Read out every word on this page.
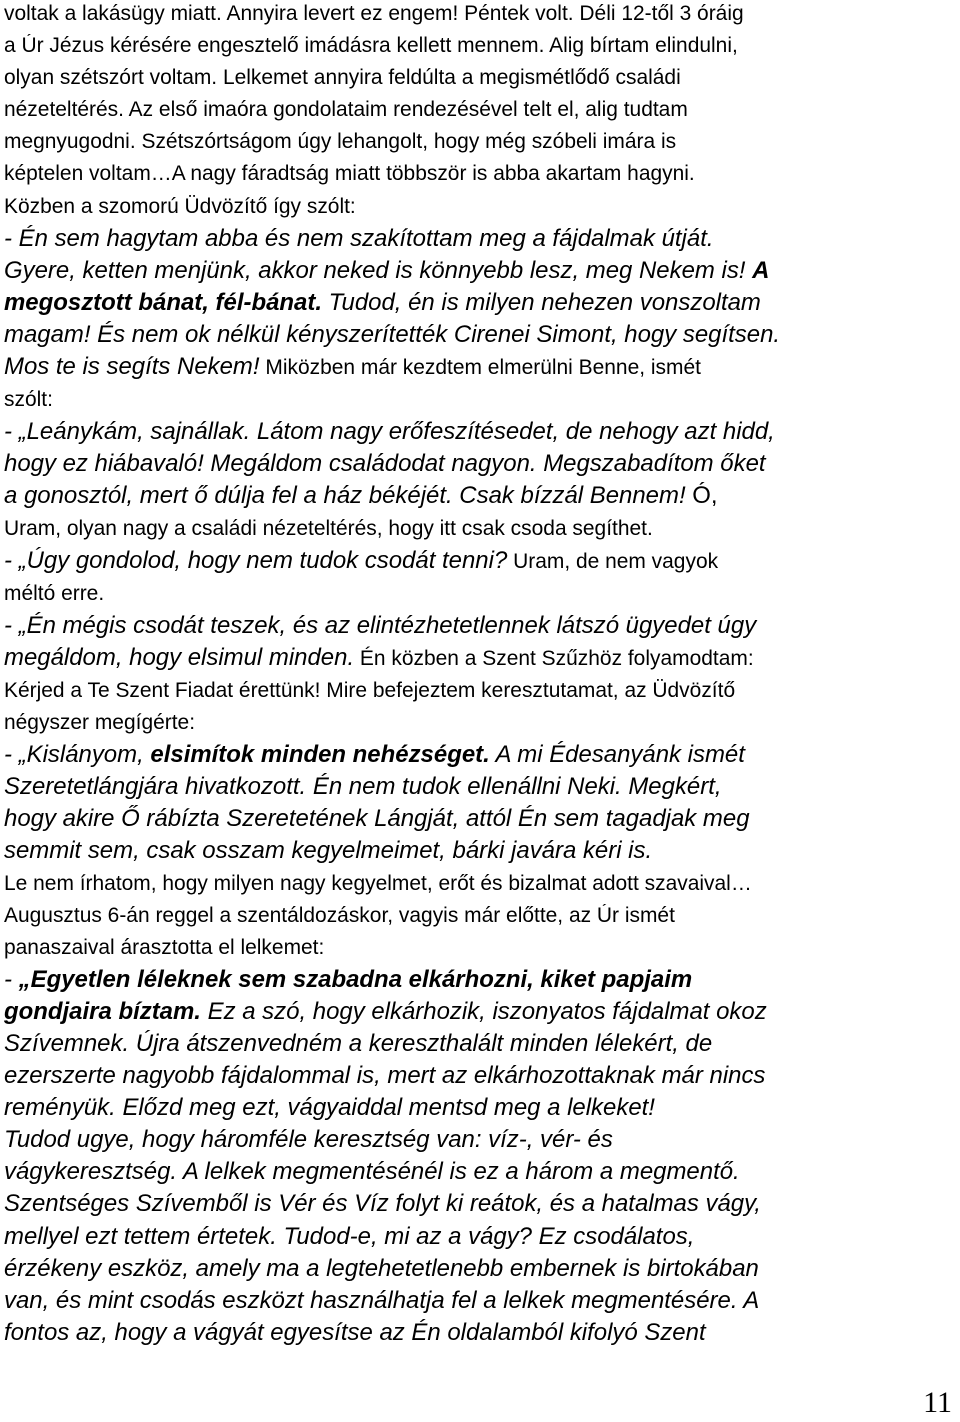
voltak a lakásügy miatt. Annyira levert ez engem! Péntek volt. Déli 12-től 3 óráig
a Úr Jézus kérésére engesztelő imádásra kellett mennem. Alig bírtam elindulni,
olyan szétszórt voltam. Lelkemet annyira feldúlta a megismétlődő családi
nézeteltérés. Az első imaóra gondolataim rendezésével telt el, alig tudtam
megnyugodni. Szétszórtságom úgy lehangolt, hogy még szóbeli imára is
képtelen voltam…A nagy fáradtság miatt többször is abba akartam hagyni.
Közben a szomorú Üdvözítő így szólt:
- Én sem hagytam abba és nem szakítottam meg a fájdalmak útját.
Gyere, ketten menjünk, akkor neked is könnyebb lesz, meg Nekem is! A
megosztott bánat, fél-bánat. Tudod, én is milyen nehezen vonszoltam
magam! És nem ok nélkül kényszerítették Cirenei Simont, hogy segítsen.
Mos te is segíts Nekem! Miközben már kezdtem elmerülni Benne, ismét
szólt:
- „Leánykám, sajnállak. Látom nagy erőfeszítésedet, de nehogy azt hidd,
hogy ez hiábavaló! Megáldom családodat nagyon. Megszabadítom őket
a gonosztól, mert ő dúlja fel a ház békéjét. Csak bízzál Bennem! Ó,
Uram, olyan nagy a családi nézeteltérés, hogy itt csak csoda segíthet.
- „Úgy gondolod, hogy nem tudok csodát tenni? Uram, de nem vagyok
méltó erre.
- „Én mégis csodát teszek, és az elintézhetetlennek látszó ügyedet úgy
megáldom, hogy elsimul minden. Én közben a Szent Szűzhöz folyamodtam:
Kérjed a Te Szent Fiadat érettünk! Mire befejeztem keresztutamat, az Üdvözítő
négyszer megígérte:
- „Kislányom, elsimítok minden nehézséget. A mi Édesanyánk ismét
Szeretetlángjára hivatkozott. Én nem tudok ellenállni Neki. Megkért,
hogy akire Ő rábízta Szeretetének Lángját, attól Én sem tagadjak meg
semmit sem, csak osszam kegyelmeimet, bárki javára kéri is.
Le nem írhatom, hogy milyen nagy kegyelmet, erőt és bizalmat adott szavaival…
Augusztus 6-án reggel a szentáldozáskor, vagyis már előtte, az Úr ismét
panaszaival árasztotta el lelkemet:
- „Egyetlen léleknek sem szabadna elkárhozni, kiket papjaim
gondjaira bíztam. Ez a szó, hogy elkárhozik, iszonyatos fájdalmat okoz
Szívemnek. Újra átszenvedném a kereszthalált minden lélekért, de
ezerszerte nagyobb fájdalommal is, mert az elkárhozottaknak már nincs
reményük. Előzd meg ezt, vágyaiddal mentsd meg a lelkeket!
Tudod ugye, hogy háromféle keresztség van: víz-, vér- és
vágykeresztség. A lelkek megmentésénél is ez a három a megmentő.
Szentséges Szívemből is Vér és Víz folyt ki reátok, és a hatalmas vágy,
mellyel ezt tettem értetek. Tudod-e, mi az a vágy? Ez csodálatos,
érzékeny eszköz, amely ma a legtehetetlenebb embernek is birtokában
van, és mint csodás eszközt használhatja fel a lelkek megmentésére. A
fontos az, hogy a vágyát egyesítse az Én oldalamból kifolyó Szent
11
